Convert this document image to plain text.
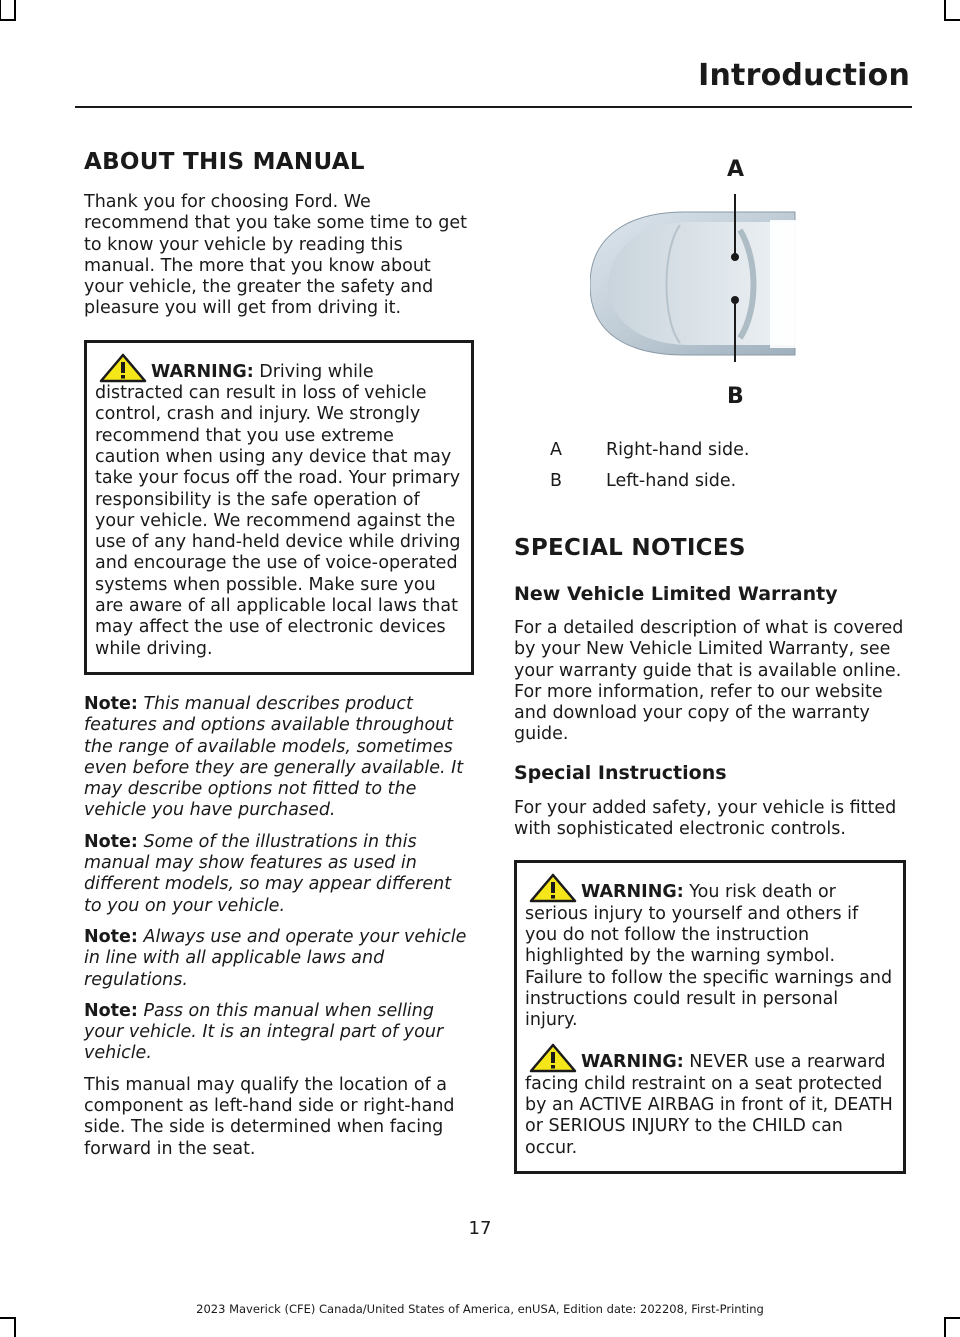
Introduction
ABOUT THIS MANUAL

Thank you for choosing Ford. We recommend that you take some time to get to know your vehicle by reading this manual. The more that you know about your vehicle, the greater the safety and pleasure you will get from driving it.

WARNING: Driving while distracted can result in loss of vehicle control, crash and injury. We strongly recommend that you use extreme caution when using any device that may take your focus off the road. Your primary responsibility is the safe operation of your vehicle. We recommend against the use of any hand-held device while driving and encourage the use of voice-operated systems when possible. Make sure you are aware of all applicable local laws that may affect the use of electronic devices while driving.

Note: This manual describes product features and options available throughout the range of available models, sometimes even before they are generally available. It may describe options not fitted to the vehicle you have purchased.

Note: Some of the illustrations in this manual may show features as used in different models, so may appear different to you on your vehicle.

Note: Always use and operate your vehicle in line with all applicable laws and regulations.

Note: Pass on this manual when selling your vehicle. It is an integral part of your vehicle.

This manual may qualify the location of a component as left-hand side or right-hand side. The side is determined when facing forward in the seat.

A
B
A	Right-hand side.
B	Left-hand side.
SPECIAL NOTICES
New Vehicle Limited Warranty

For a detailed description of what is covered by your New Vehicle Limited Warranty, see your warranty guide that is available online. For more information, refer to our website and download your copy of the warranty guide.

Special Instructions

For your added safety, your vehicle is fitted with sophisticated electronic controls.

WARNING: You risk death or serious injury to yourself and others if you do not follow the instruction highlighted by the warning symbol. Failure to follow the specific warnings and instructions could result in personal injury.

WARNING: NEVER use a rearward facing child restraint on a seat protected by an ACTIVE AIRBAG in front of it, DEATH or SERIOUS INJURY to the CHILD can occur.

17
2023 Maverick (CFE) Canada/United States of America, enUSA, Edition date: 202208, First-Printing
